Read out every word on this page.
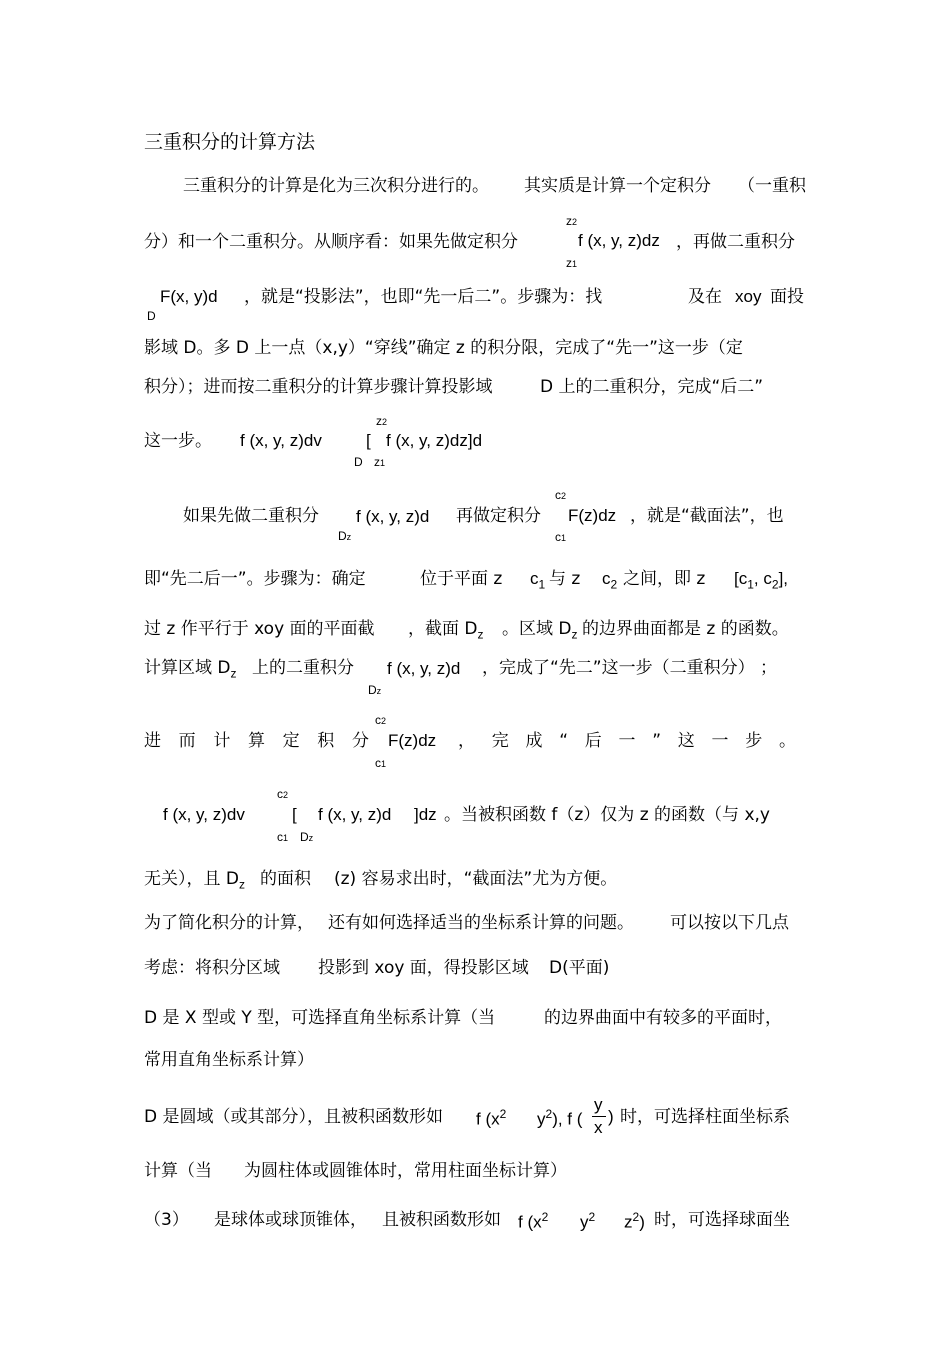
三重积分的计算方法
三重积分的计算是化为三次积分进行的。 其实质是计算一个定积分 （一重积
分）和一个二重积分。从顺序看：如果先做定积分
z2
f (x, y, z)dz
z1
，再做二重积分
F(x, y)d
D
，就是“投影法”，也即“先一后二”。步骤为：找	及在 xoy 面投
影域 D。多 D 上一点（x,y）“穿线”确定 z 的积分限，完成了“先一”这一步（定
积分）；进而按二重积分的计算步骤计算投影域	D 上的二重积分，完成“后二”
这一步。 f (x, y, z)dv
z2
[ f (x, y, z)dz]d
D z1
如果先做二重积分 f (x, y, z)d
Dz
再做定积分
c2
F(z)dz
c1
，就是“截面法”，也
即“先二后一”。步骤为：确定	位于平面 z $c_1$ 与 z $c_2$ 之间，即 z [$c_1$, $c_2$],
过 z 作平行于 xoy 面的平面截 ，截面 $D_z$ 。区域 $D_z$ 的边界曲面都是 z 的函数。
计算区域 $D_z$ 上的二重积分 f (x, y, z)d
Dz
，完成了“先二”这一步（二重积分） ；
进 而 计 算 定 积 分
c2
F(z)dz
c1
， 完 成 “ 后 一 ” 这 一 步 。
f (x, y, z)dv
c2
[ f (x, y, z)d ]dz
c1 Dz
。当被积函数 f（z）仅为 z 的函数（与 x,y
无关），且 $D_z$ 的面积 (z) 容易求出时，“截面法”尤为方便。
为了简化积分的计算， 还有如何选择适当的坐标系计算的问题。 可以按以下几点
考虑：将积分区域 投影到 xoy 面，得投影区域 D(平面)
D 是 X 型或 Y 型，可选择直角坐标系计算（当	的边界曲面中有较多的平面时，
常用直角坐标系计算）
D 是圆域（或其部分），且被积函数形如 f ($x^2$ $y^2$), f (
y
x
) 时，可选择柱面坐标系
计算（当 为圆柱体或圆锥体时，常用柱面坐标计算）
（3） 是球体或球顶锥体， 且被积函数形如 f ($x^2$ $y^2$ $z^2$) 时，可选择球面坐
